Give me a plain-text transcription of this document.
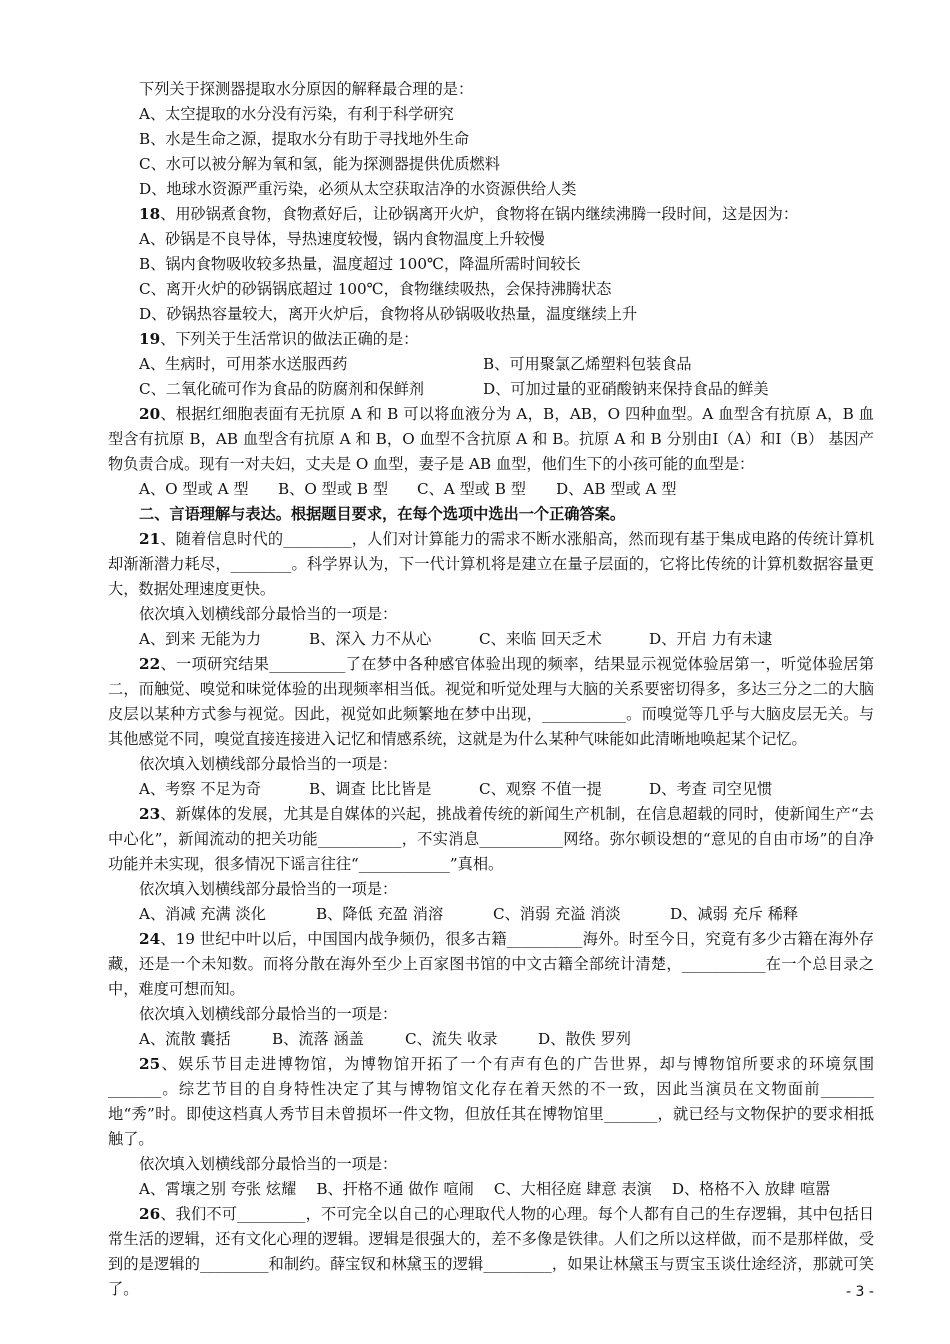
下列关于探测器提取水分原因的解释最合理的是：
A、太空提取的水分没有污染，有利于科学研究
B、水是生命之源，提取水分有助于寻找地外生命
C、水可以被分解为氧和氢，能为探测器提供优质燃料
D、地球水资源严重污染，必须从太空获取洁净的水资源供给人类
18、用砂锅煮食物，食物煮好后，让砂锅离开火炉，食物将在锅内继续沸腾一段时间，这是因为：
A、砂锅是不良导体，导热速度较慢，锅内食物温度上升较慢
B、锅内食物吸收较多热量，温度超过 100℃，降温所需时间较长
C、离开火炉的砂锅锅底超过 100℃，食物继续吸热，会保持沸腾状态
D、砂锅热容量较大，离开火炉后，食物将从砂锅吸收热量，温度继续上升
19、下列关于生活常识的做法正确的是：
A、生病时，可用茶水送服西药	B、可用聚氯乙烯塑料包装食品
C、二氧化硫可作为食品的防腐剂和保鲜剂	D、可加过量的亚硝酸钠来保持食品的鲜美
20、根据红细胞表面有无抗原 A 和 B 可以将血液分为 A，B，AB，O 四种血型。A 血型含有抗原 A，B 血型含有抗原 B，AB 血型含有抗原 A 和 B，O 血型不含抗原 A 和 B。抗原 A 和 B 分别由Ⅰ（A）和Ⅰ（B） 基因产物负责合成。现有一对夫妇，丈夫是 O 血型，妻子是 AB 血型，他们生下的小孩可能的血型是：
A、O 型或 A 型	B、O 型或 B 型	C、A 型或 B 型	D、AB 型或 A 型
二、言语理解与表达。根据题目要求，在每个选项中选出一个正确答案。
21、随着信息时代的_________，人们对计算能力的需求不断水涨船高，然而现有基于集成电路的传统计算机却渐渐潜力耗尽，________。科学界认为，下一代计算机将是建立在量子层面的，它将比传统的计算机数据容量更大，数据处理速度更快。
依次填入划横线部分最恰当的一项是：
A、到来 无能为力	B、深入 力不从心	C、来临 回天乏术	D、开启 力有未逮
22、一项研究结果__________了在梦中各种感官体验出现的频率，结果显示视觉体验居第一，听觉体验居第二，而触觉、嗅觉和味觉体验的出现频率相当低。视觉和听觉处理与大脑的关系要密切得多，多达三分之二的大脑皮层以某种方式参与视觉。因此，视觉如此频繁地在梦中出现，___________。而嗅觉等几乎与大脑皮层无关。与其他感觉不同，嗅觉直接连接进入记忆和情感系统，这就是为什么某种气味能如此清晰地唤起某个记忆。
依次填入划横线部分最恰当的一项是：
A、考察 不足为奇	B、调查 比比皆是	C、观察 不值一提	D、考查 司空见惯
23、新媒体的发展，尤其是自媒体的兴起，挑战着传统的新闻生产机制，在信息超载的同时，使新闻生产“去中心化”，新闻流动的把关功能___________，不实消息___________网络。弥尔顿设想的“意见的自由市场”的自净功能并未实现，很多情况下谣言往往“____________”真相。
依次填入划横线部分最恰当的一项是：
A、消减 充满 淡化	B、降低 充盈 消溶	C、消弱 充溢 消淡	D、减弱 充斥 稀释
24、19 世纪中叶以后，中国国内战争频仍，很多古籍__________海外。时至今日，究竟有多少古籍在海外存藏，还是一个未知数。而将分散在海外至少上百家图书馆的中文古籍全部统计清楚，___________在一个总目录之中，难度可想而知。
依次填入划横线部分最恰当的一项是：
A、流散 囊括	B、流落 涵盖	C、流失 收录	D、散佚 罗列
25、娱乐节目走进博物馆，为博物馆开拓了一个有声有色的广告世界，却与博物馆所要求的环境氛围_______。综艺节目的自身特性决定了其与博物馆文化存在着天然的不一致，因此当演员在文物面前_______地“秀”时。即使这档真人秀节目未曾损坏一件文物，但放任其在博物馆里_______，就已经与文物保护的要求相抵触了。
依次填入划横线部分最恰当的一项是：
A、霄壤之别 夸张 炫耀　 B、扞格不通 做作 喧闹　 C、大相径庭 肆意 表演　 D、格格不入 放肆 喧嚣
26、我们不可_________，不可完全以自己的心理取代人物的心理。每个人都有自己的生存逻辑，其中包括日常生活的逻辑，还有文化心理的逻辑。逻辑是很强大的，差不多像是铁律。人们之所以这样做，而不是那样做，受到的是逻辑的_________和制约。薛宝钗和林黛玉的逻辑_________，如果让林黛玉与贾宝玉谈仕途经济，那就可笑了。	- 3 -
